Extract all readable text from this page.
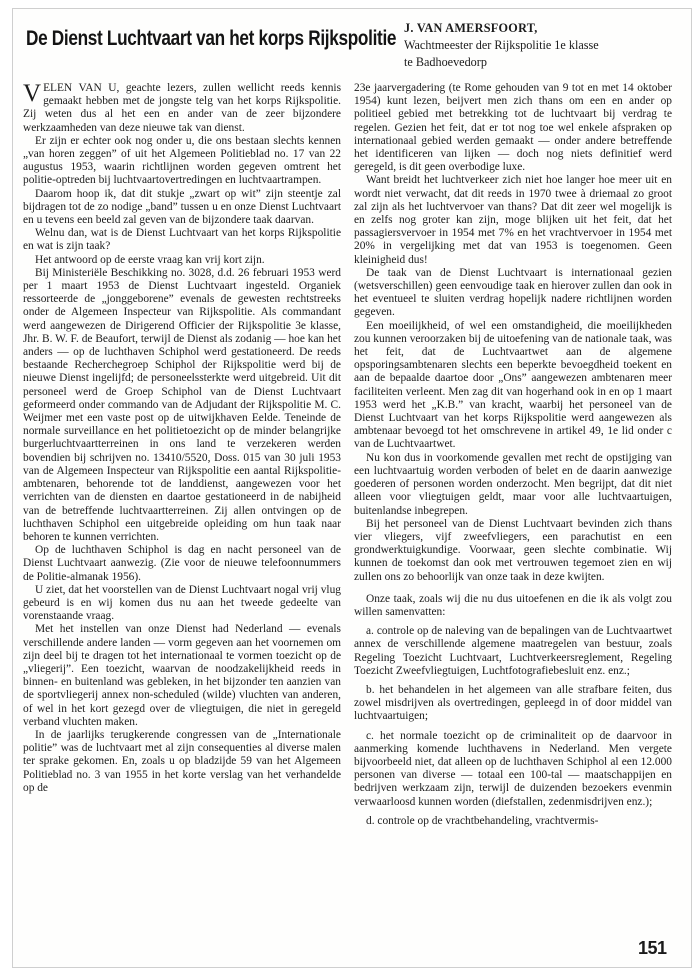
De Dienst Luchtvaart van het korps Rijkspolitie J. VAN AMERSFOORT,
Wachtmeester der Rijkspolitie 1e klasse
te Badhoevedorp

VELEN VAN U, geachte lezers, zullen wellicht reeds kennis gemaakt hebben met de jongste telg van het korps Rijkspolitie. Zij weten dus al het een en ander van de zeer bijzondere werkzaamheden van deze nieuwe tak van dienst.

Er zijn er echter ook nog onder u, die ons bestaan slechts kennen „van horen zeggen” of uit het Algemeen Politieblad no. 17 van 22 augustus 1953, waarin richtlijnen worden gegeven omtrent het politie-optreden bij luchtvaartovertredingen en luchtvaartrampen.

Daarom hoop ik, dat dit stukje „zwart op wit” zijn steentje zal bijdragen tot de zo nodige „band” tussen u en onze Dienst Luchtvaart en u tevens een beeld zal geven van de bijzondere taak daarvan.

Welnu dan, wat is de Dienst Luchtvaart van het korps Rijkspolitie en wat is zijn taak?

Het antwoord op de eerste vraag kan vrij kort zijn.

Bij Ministeriële Beschikking no. 3028, d.d. 26 februari 1953 werd per 1 maart 1953 de Dienst Luchtvaart ingesteld. Organiek ressorteerde de „jonggeborene” evenals de gewesten rechtstreeks onder de Algemeen Inspecteur van Rijkspolitie. Als commandant werd aangewezen de Dirigerend Officier der Rijkspolitie 3e klasse, Jhr. B. W. F. de Beaufort, terwijl de Dienst als zodanig — hoe kan het anders — op de luchthaven Schiphol werd gestationeerd. De reeds bestaande Recherchegroep Schiphol der Rijkspolitie werd bij de nieuwe Dienst ingelijfd; de personeelssterkte werd uitgebreid. Uit dit personeel werd de Groep Schiphol van de Dienst Luchtvaart geformeerd onder commando van de Adjudant der Rijkspolitie M. C. Weijmer met een vaste post op de uitwijkhaven Eelde. Teneinde de normale surveillance en het politietoezicht op de minder belangrijke burgerluchtvaartterreinen in ons land te verzekeren werden bovendien bij schrijven no. 13410/5520, Doss. 015 van 30 juli 1953 van de Algemeen Inspecteur van Rijkspolitie een aantal Rijkspolitie-ambtenaren, behorende tot de landdienst, aangewezen voor het verrichten van de diensten en daartoe gestationeerd in de nabijheid van de betreffende luchtvaartterreinen. Zij allen ontvingen op de luchthaven Schiphol een uitgebreide opleiding om hun taak naar behoren te kunnen verrichten.

Op de luchthaven Schiphol is dag en nacht personeel van de Dienst Luchtvaart aanwezig. (Zie voor de nieuwe telefoonnummers de Politie-almanak 1956).

U ziet, dat het voorstellen van de Dienst Luchtvaart nogal vrij vlug gebeurd is en wij komen dus nu aan het tweede gedeelte van vorenstaande vraag.

Met het instellen van onze Dienst had Nederland — evenals verschillende andere landen — vorm gegeven aan het voornemen om zijn deel bij te dragen tot het internationaal te vormen toezicht op de „vliegerij”. Een toezicht, waarvan de noodzakelijkheid reeds in binnen- en buitenland was gebleken, in het bijzonder ten aanzien van de sportvliegerij annex non-scheduled (wilde) vluchten van anderen, of wel in het kort gezegd over de vliegtuigen, die niet in geregeld verband vluchten maken.

In de jaarlijks terugkerende congressen van de „Internationale politie” was de luchtvaart met al zijn consequenties al diverse malen ter sprake gekomen. En, zoals u op bladzijde 59 van het Algemeen Politieblad no. 3 van 1955 in het korte verslag van het verhandelde op de

23e jaarvergadering (te Rome gehouden van 9 tot en met 14 oktober 1954) kunt lezen, beijvert men zich thans om een en ander op politieel gebied met betrekking tot de luchtvaart bij verdrag te regelen. Gezien het feit, dat er tot nog toe wel enkele afspraken op internationaal gebied werden gemaakt — onder andere betreffende het identificeren van lijken — doch nog niets definitief werd geregeld, is dit geen overbodige luxe.

Want breidt het luchtverkeer zich niet hoe langer hoe meer uit en wordt niet verwacht, dat dit reeds in 1970 twee à driemaal zo groot zal zijn als het luchtvervoer van thans? Dat dit zeer wel mogelijk is en zelfs nog groter kan zijn, moge blijken uit het feit, dat het passagiersvervoer in 1954 met 7% en het vrachtvervoer in 1954 met 20% in vergelijking met dat van 1953 is toegenomen. Geen kleinigheid dus!

De taak van de Dienst Luchtvaart is internationaal gezien (wetsverschillen) geen eenvoudige taak en hierover zullen dan ook in het eventueel te sluiten verdrag hopelijk nadere richtlijnen worden gegeven.

Een moeilijkheid, of wel een omstandigheid, die moeilijkheden zou kunnen veroorzaken bij de uitoefening van de nationale taak, was het feit, dat de Luchtvaartwet aan de algemene opsporingsambtenaren slechts een beperkte bevoegdheid toekent en aan de bepaalde daartoe door „Ons” aangewezen ambtenaren meer faciliteiten verleent. Men zag dit van hogerhand ook in en op 1 maart 1953 werd het „K.B.” van kracht, waarbij het personeel van de Dienst Luchtvaart van het korps Rijkspolitie werd aangewezen als ambtenaar bevoegd tot het omschrevene in artikel 49, 1e lid onder c van de Luchtvaartwet.

Nu kon dus in voorkomende gevallen met recht de opstijging van een luchtvaartuig worden verboden of belet en de daarin aanwezige goederen of personen worden onderzocht. Men begrijpt, dat dit niet alleen voor vliegtuigen geldt, maar voor alle luchtvaartuigen, buitenlandse inbegrepen.

Bij het personeel van de Dienst Luchtvaart bevinden zich thans vier vliegers, vijf zweefvliegers, een parachutist en een grondwerktuigkundige. Voorwaar, geen slechte combinatie. Wij kunnen de toekomst dan ook met vertrouwen tegemoet zien en wij zullen ons zo behoorlijk van onze taak in deze kwijten.

Onze taak, zoals wij die nu dus uitoefenen en die ik als volgt zou willen samenvatten:

a. controle op de naleving van de bepalingen van de Luchtvaartwet annex de verschillende algemene maatregelen van bestuur, zoals Regeling Toezicht Luchtvaart, Luchtverkeersreglement, Regeling Toezicht Zweefvliegtuigen, Luchtfotografiebesluit enz. enz.;

b. het behandelen in het algemeen van alle strafbare feiten, dus zowel misdrijven als overtredingen, gepleegd in of door middel van luchtvaartuigen;

c. het normale toezicht op de criminaliteit op de daarvoor in aanmerking komende luchthavens in Nederland. Men vergete bijvoorbeeld niet, dat alleen op de luchthaven Schiphol al een 12.000 personen van diverse — totaal een 100-tal — maatschappijen en bedrijven werkzaam zijn, terwijl de duizenden bezoekers evenmin verwaarloosd kunnen worden (diefstallen, zedenmisdrijven enz.);

d. controle op de vrachtbehandeling, vrachtvermis-

151
